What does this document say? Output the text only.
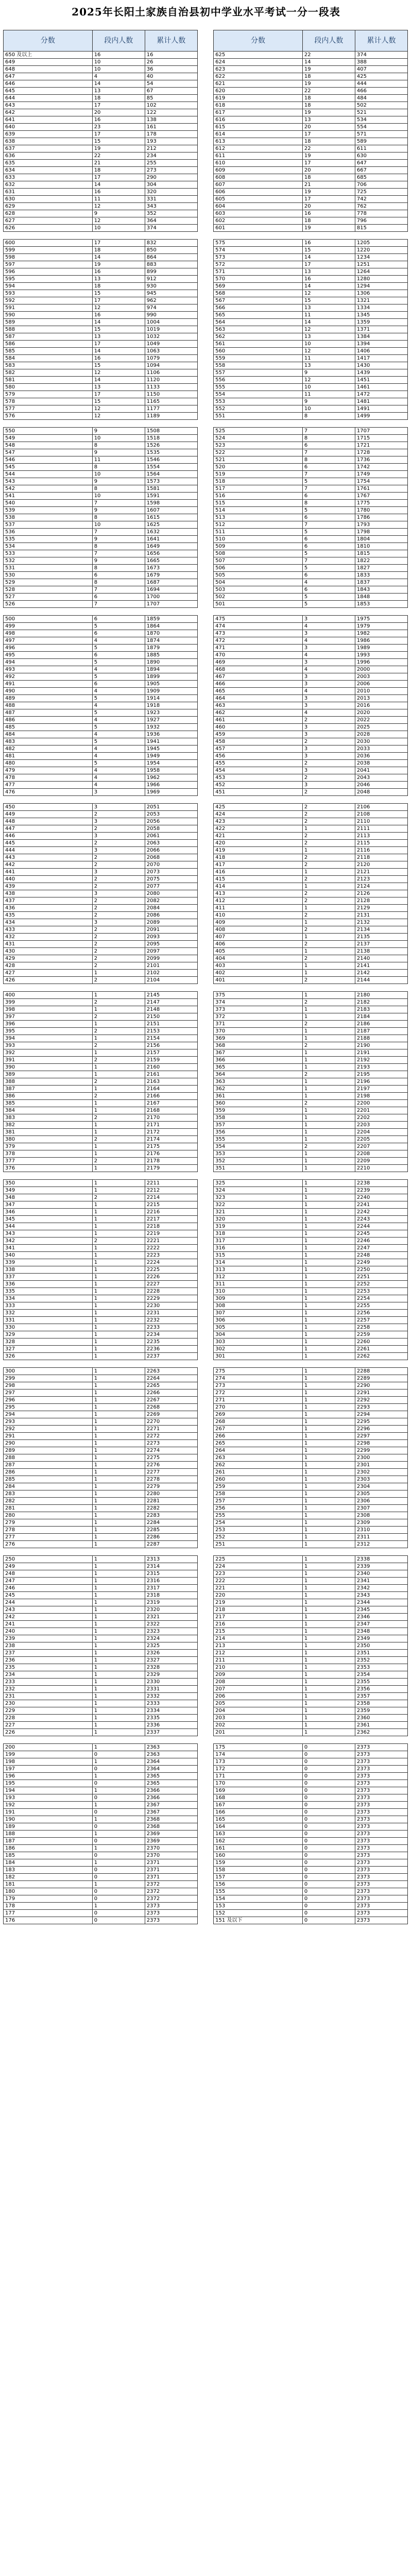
2025年长阳土家族自治县初中学业水平考试一分一段表
分数	段内人数	累计人数		分数	段内人数	累计人数
650 及以上	16	16		625	22	374
649	10	26		624	14	388
648	10	36		623	19	407
647	4	40		622	18	425
646	14	54		621	19	444
645	13	67		620	22	466
644	18	85		619	18	484
643	17	102		618	18	502
642	20	122		617	19	521
641	16	138		616	13	534
640	23	161		615	20	554
639	17	178		614	17	571
638	15	193		613	18	589
637	19	212		612	22	611
636	22	234		611	19	630
635	21	255		610	17	647
634	18	273		609	20	667
633	17	290		608	18	685
632	14	304		607	21	706
631	16	320		606	19	725
630	11	331		605	17	742
629	12	343		604	20	762
628	9	352		603	16	778
627	12	364		602	18	796
626	10	374		601	19	815

600	17	832		575	16	1205
599	18	850		574	15	1220
598	14	864		573	14	1234
597	19	883		572	17	1251
596	16	899		571	13	1264
595	13	912		570	16	1280
594	18	930		569	14	1294
593	15	945		568	12	1306
592	17	962		567	15	1321
591	12	974		566	13	1334
590	16	990		565	11	1345
589	14	1004		564	14	1359
588	15	1019		563	12	1371
587	13	1032		562	13	1384
586	17	1049		561	10	1394
585	14	1063		560	12	1406
584	16	1079		559	11	1417
583	15	1094		558	13	1430
582	12	1106		557	9	1439
581	14	1120		556	12	1451
580	13	1133		555	10	1461
579	17	1150		554	11	1472
578	15	1165		553	9	1481
577	12	1177		552	10	1491
576	12	1189		551	8	1499

550	9	1508		525	7	1707
549	10	1518		524	8	1715
548	8	1526		523	6	1721
547	9	1535		522	7	1728
546	11	1546		521	8	1736
545	8	1554		520	6	1742
544	10	1564		519	7	1749
543	9	1573		518	5	1754
542	8	1581		517	7	1761
541	10	1591		516	6	1767
540	7	1598		515	8	1775
539	9	1607		514	5	1780
538	8	1615		513	6	1786
537	10	1625		512	7	1793
536	7	1632		511	5	1798
535	9	1641		510	6	1804
534	8	1649		509	6	1810
533	7	1656		508	5	1815
532	9	1665		507	7	1822
531	8	1673		506	5	1827
530	6	1679		505	6	1833
529	8	1687		504	4	1837
528	7	1694		503	6	1843
527	6	1700		502	5	1848
526	7	1707		501	5	1853

500	6	1859		475	3	1975
499	5	1864		474	4	1979
498	6	1870		473	3	1982
497	4	1874		472	4	1986
496	5	1879		471	3	1989
495	6	1885		470	4	1993
494	5	1890		469	3	1996
493	4	1894		468	4	2000
492	5	1899		467	3	2003
491	6	1905		466	3	2006
490	4	1909		465	4	2010
489	5	1914		464	3	2013
488	4	1918		463	3	2016
487	5	1923		462	4	2020
486	4	1927		461	2	2022
485	5	1932		460	3	2025
484	4	1936		459	3	2028
483	5	1941		458	2	2030
482	4	1945		457	3	2033
481	4	1949		456	3	2036
480	5	1954		455	2	2038
479	4	1958		454	3	2041
478	4	1962		453	2	2043
477	4	1966		452	3	2046
476	3	1969		451	2	2048

450	3	2051		425	2	2106
449	2	2053		424	2	2108
448	3	2056		423	2	2110
447	2	2058		422	1	2111
446	3	2061		421	2	2113
445	2	2063		420	2	2115
444	3	2066		419	1	2116
443	2	2068		418	2	2118
442	2	2070		417	2	2120
441	3	2073		416	1	2121
440	2	2075		415	2	2123
439	2	2077		414	1	2124
438	3	2080		413	2	2126
437	2	2082		412	2	2128
436	2	2084		411	1	2129
435	2	2086		410	2	2131
434	3	2089		409	1	2132
433	2	2091		408	2	2134
432	2	2093		407	1	2135
431	2	2095		406	2	2137
430	2	2097		405	1	2138
429	2	2099		404	2	2140
428	2	2101		403	1	2141
427	1	2102		402	1	2142
426	2	2104		401	2	2144

400	1	2145		375	1	2180
399	2	2147		374	2	2182
398	1	2148		373	1	2183
397	2	2150		372	1	2184
396	1	2151		371	2	2186
395	2	2153		370	1	2187
394	1	2154		369	1	2188
393	2	2156		368	2	2190
392	1	2157		367	1	2191
391	2	2159		366	1	2192
390	1	2160		365	1	2193
389	1	2161		364	2	2195
388	2	2163		363	1	2196
387	1	2164		362	1	2197
386	2	2166		361	1	2198
385	1	2167		360	2	2200
384	1	2168		359	1	2201
383	2	2170		358	1	2202
382	1	2171		357	1	2203
381	1	2172		356	1	2204
380	2	2174		355	1	2205
379	1	2175		354	2	2207
378	1	2176		353	1	2208
377	2	2178		352	1	2209
376	1	2179		351	1	2210

350	1	2211		325	1	2238
349	1	2212		324	1	2239
348	2	2214		323	1	2240
347	1	2215		322	1	2241
346	1	2216		321	1	2242
345	1	2217		320	1	2243
344	1	2218		319	1	2244
343	1	2219		318	1	2245
342	2	2221		317	1	2246
341	1	2222		316	1	2247
340	1	2223		315	1	2248
339	1	2224		314	1	2249
338	1	2225		313	1	2250
337	1	2226		312	1	2251
336	1	2227		311	1	2252
335	1	2228		310	1	2253
334	1	2229		309	1	2254
333	1	2230		308	1	2255
332	1	2231		307	1	2256
331	1	2232		306	1	2257
330	1	2233		305	1	2258
329	1	2234		304	1	2259
328	1	2235		303	1	2260
327	1	2236		302	1	2261
326	1	2237		301	1	2262

300	1	2263		275	1	2288
299	1	2264		274	1	2289
298	1	2265		273	1	2290
297	1	2266		272	1	2291
296	1	2267		271	1	2292
295	1	2268		270	1	2293
294	1	2269		269	1	2294
293	1	2270		268	1	2295
292	1	2271		267	1	2296
291	1	2272		266	1	2297
290	1	2273		265	1	2298
289	1	2274		264	1	2299
288	1	2275		263	1	2300
287	1	2276		262	1	2301
286	1	2277		261	1	2302
285	1	2278		260	1	2303
284	1	2279		259	1	2304
283	1	2280		258	1	2305
282	1	2281		257	1	2306
281	1	2282		256	1	2307
280	1	2283		255	1	2308
279	1	2284		254	1	2309
278	1	2285		253	1	2310
277	1	2286		252	1	2311
276	1	2287		251	1	2312

250	1	2313		225	1	2338
249	1	2314		224	1	2339
248	1	2315		223	1	2340
247	1	2316		222	1	2341
246	1	2317		221	1	2342
245	1	2318		220	1	2343
244	1	2319		219	1	2344
243	1	2320		218	1	2345
242	1	2321		217	1	2346
241	1	2322		216	1	2347
240	1	2323		215	1	2348
239	1	2324		214	1	2349
238	1	2325		213	1	2350
237	1	2326		212	1	2351
236	1	2327		211	1	2352
235	1	2328		210	1	2353
234	1	2329		209	1	2354
233	1	2330		208	1	2355
232	1	2331		207	1	2356
231	1	2332		206	1	2357
230	1	2333		205	1	2358
229	1	2334		204	1	2359
228	1	2335		203	1	2360
227	1	2336		202	1	2361
226	1	2337		201	1	2362

200	1	2363		175	0	2373
199	0	2363		174	0	2373
198	1	2364		173	0	2373
197	0	2364		172	0	2373
196	1	2365		171	0	2373
195	0	2365		170	0	2373
194	1	2366		169	0	2373
193	0	2366		168	0	2373
192	1	2367		167	0	2373
191	0	2367		166	0	2373
190	1	2368		165	0	2373
189	0	2368		164	0	2373
188	1	2369		163	0	2373
187	0	2369		162	0	2373
186	1	2370		161	0	2373
185	0	2370		160	0	2373
184	1	2371		159	0	2373
183	0	2371		158	0	2373
182	0	2371		157	0	2373
181	1	2372		156	0	2373
180	0	2372		155	0	2373
179	0	2372		154	0	2373
178	1	2373		153	0	2373
177	0	2373		152	0	2373
176	0	2373		151 及以下	0	2373
